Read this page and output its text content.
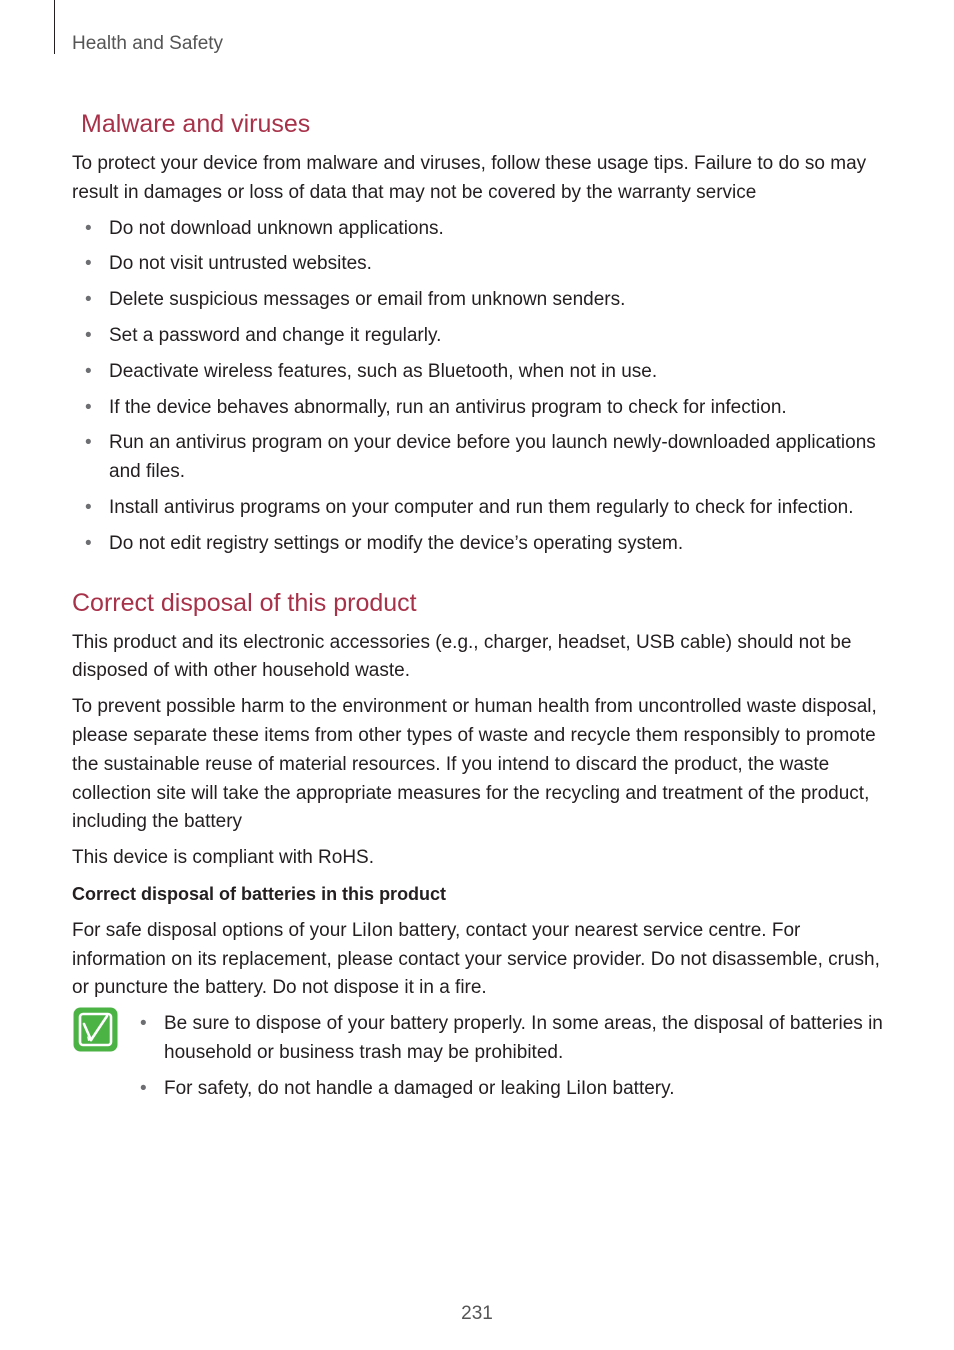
Health and Safety
Malware and viruses

To protect your device from malware and viruses, follow these usage tips. Failure to do so may result in damages or loss of data that may not be covered by the warranty service

• Do not download unknown applications.
• Do not visit untrusted websites.
• Delete suspicious messages or email from unknown senders.
• Set a password and change it regularly.
• Deactivate wireless features, such as Bluetooth, when not in use.
• If the device behaves abnormally, run an antivirus program to check for infection.
• Run an antivirus program on your device before you launch newly-downloaded applications and files.
• Install antivirus programs on your computer and run them regularly to check for infection.
• Do not edit registry settings or modify the device’s operating system.
Correct disposal of this product

This product and its electronic accessories (e.g., charger, headset, USB cable) should not be disposed of with other household waste.

To prevent possible harm to the environment or human health from uncontrolled waste disposal, please separate these items from other types of waste and recycle them responsibly to promote the sustainable reuse of material resources. If you intend to discard the product, the waste collection site will take the appropriate measures for the recycling and treatment of the product, including the battery

This device is compliant with RoHS.

Correct disposal of batteries in this product

For safe disposal options of your LiIon battery, contact your nearest service centre. For information on its replacement, please contact your service provider. Do not disassemble, crush, or puncture the battery. Do not dispose it in a fire.

• Be sure to dispose of your battery properly. In some areas, the disposal of batteries in household or business trash may be prohibited.
• For safety, do not handle a damaged or leaking LiIon battery.
231
